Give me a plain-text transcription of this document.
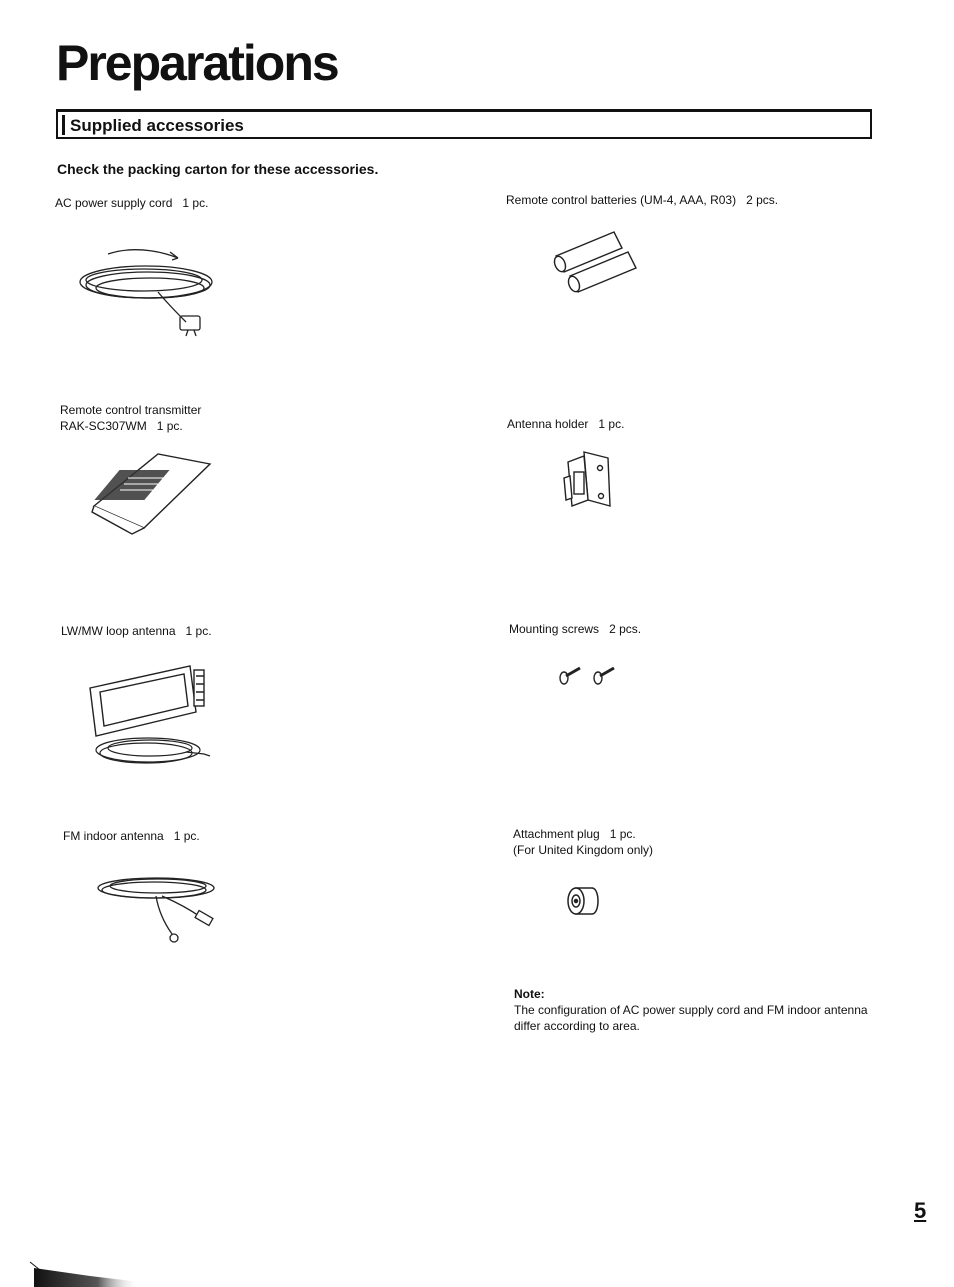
Preparations
Supplied accessories
Check the packing carton for these accessories.
AC power supply cord 1 pc.	Remote control batteries (UM-4, AAA, R03) 2 pcs.
Remote control transmitter
RAK-SC307WM 1 pc.	Antenna holder 1 pc.
LW/MW loop antenna 1 pc.	Mounting screws 2 pcs.
FM indoor antenna 1 pc.	Attachment plug 1 pc.
(For United Kingdom only)
Note:
The configuration of AC power supply cord and FM indoor antenna
differ according to area.
5
